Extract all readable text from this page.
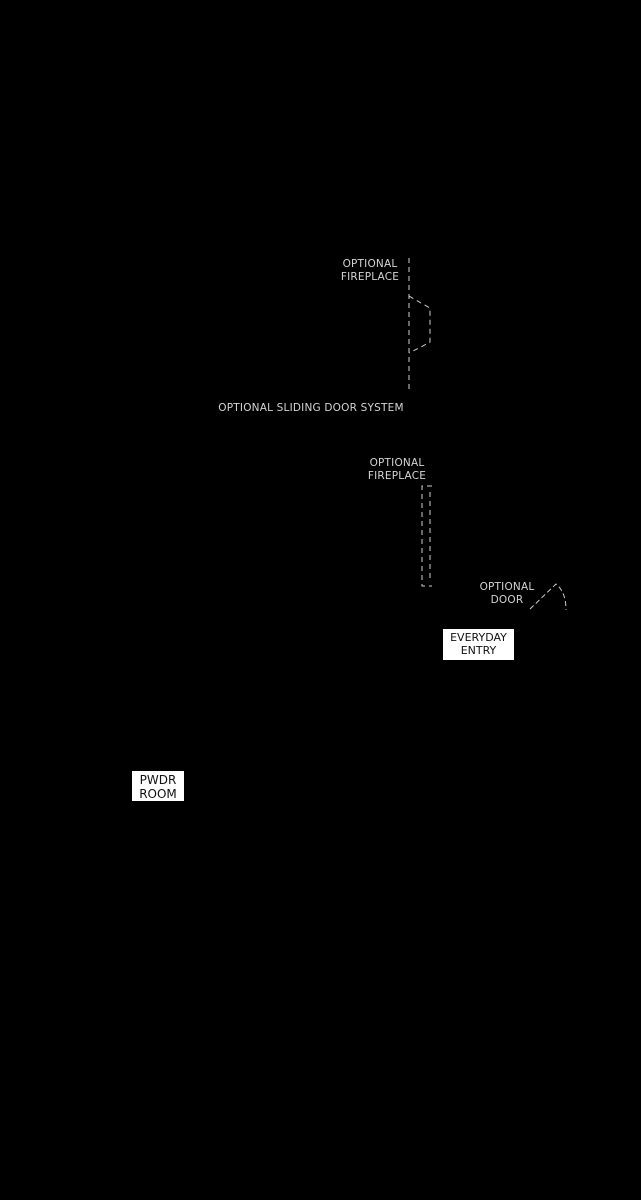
OPTIONAL
FIREPLACE
OPTIONAL SLIDING DOOR SYSTEM
OPTIONAL
FIREPLACE
OPTIONAL
DOOR
EVERYDAY
ENTRY
PWDR
ROOM
